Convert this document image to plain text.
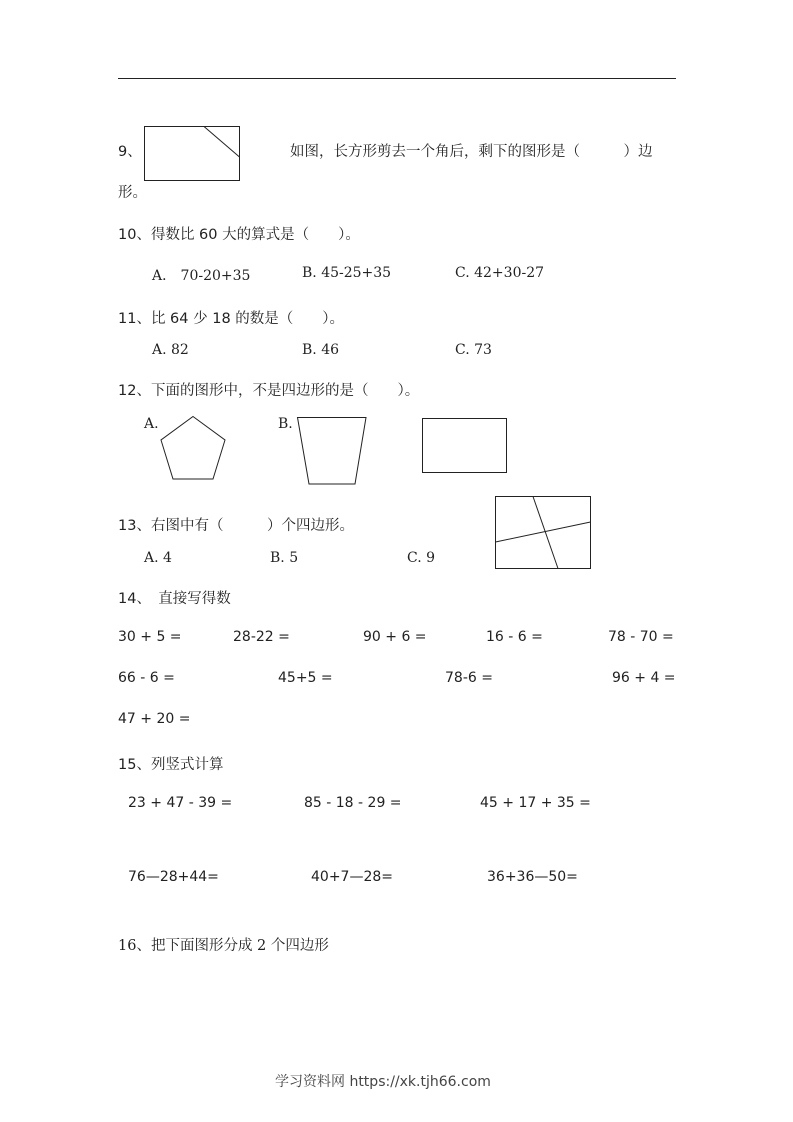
9、	如图，长方形剪去一个角后，剩下的图形是（　　　）边
形。
10、得数比 60 大的算式是（　　）。
A． 70-20+35	B. 45-25+35	C. 42+30-27
11、比 64 少 18 的数是（　　）。
A. 82	B. 46	C. 73
12、下面的图形中，不是四边形的是（　　）。
A.	B.
13、右图中有（　　　）个四边形。
A. 4	B. 5	C. 9
14、　直接写得数
30 + 5 =	28-22 =	90 + 6 =	16 - 6 =	78 - 70 =
66 - 6 =	45+5 =	78-6 =	96 + 4 =
47 + 20 =
15、列竖式计算
23 + 47 - 39 =	85 - 18 - 29 =	45 + 17 + 35 =
76—28+44=	40+7—28=	36+36—50=
16、把下面图形分成 2 个四边形
学习资料网 https://xk.tjh66.com
